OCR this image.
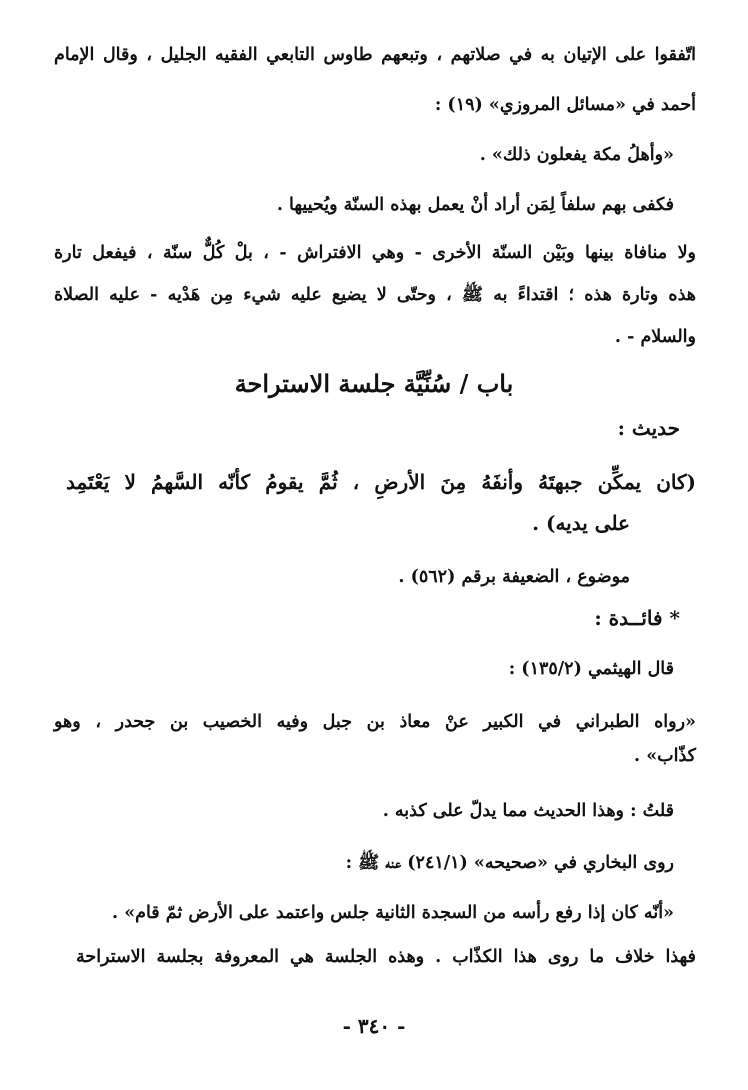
اتّفقوا على الإتيان به في صلاتهم ، وتبعهم طاوس التابعي الفقيه الجليل ، وقال الإمام
أحمد في «مسائل المروزي» (١٩) :
«وأهلُ مكة يفعلون ذلك» .
فكفى بهم سلفاً لِمَن أراد أنْ يعمل بهذه السنّة ويُحييها .
ولا منافاة بينها وبَيْن السنّة الأخرى - وهي الافتراش - ، بلْ كُلٌّ سنّة ، فيفعل تارة
هذه وتارة هذه ؛ اقتداءً به ﷺ ، وحتّى لا يضيع عليه شيء مِن هَدْيه - عليه الصلاة
والسلام - .
باب / سُنِّيَّة جلسة الاستراحة
حديث :
(كان يمكِّن جبهتَهُ وأنفَهُ مِنَ الأرضِ ، ثُمَّ يقومُ كأنّه السَّهمُ لا يَعْتَمِد
على يديه) .
موضوع ، الضعيفة برقم (٥٦٢) .
* فائــدة :
قال الهيثمي (١٣٥/٢) :
«رواه الطبراني في الكبير عنْ معاذ بن جبل وفيه الخصيب بن جحدر ، وهو
كذّاب» .
قلتُ : وهذا الحديث مما يدلّ على كذبه .
روى البخاري في «صحيحه» (٢٤١/١) عنه ﷺ :
«أنّه كان إذا رفع رأسه من السجدة الثانية جلس واعتمد على الأرض ثمّ قام» .
فهذا خلاف ما روى هذا الكذّاب . وهذه الجلسة هي المعروفة بجلسة الاستراحة
- ٣٤٠ -
